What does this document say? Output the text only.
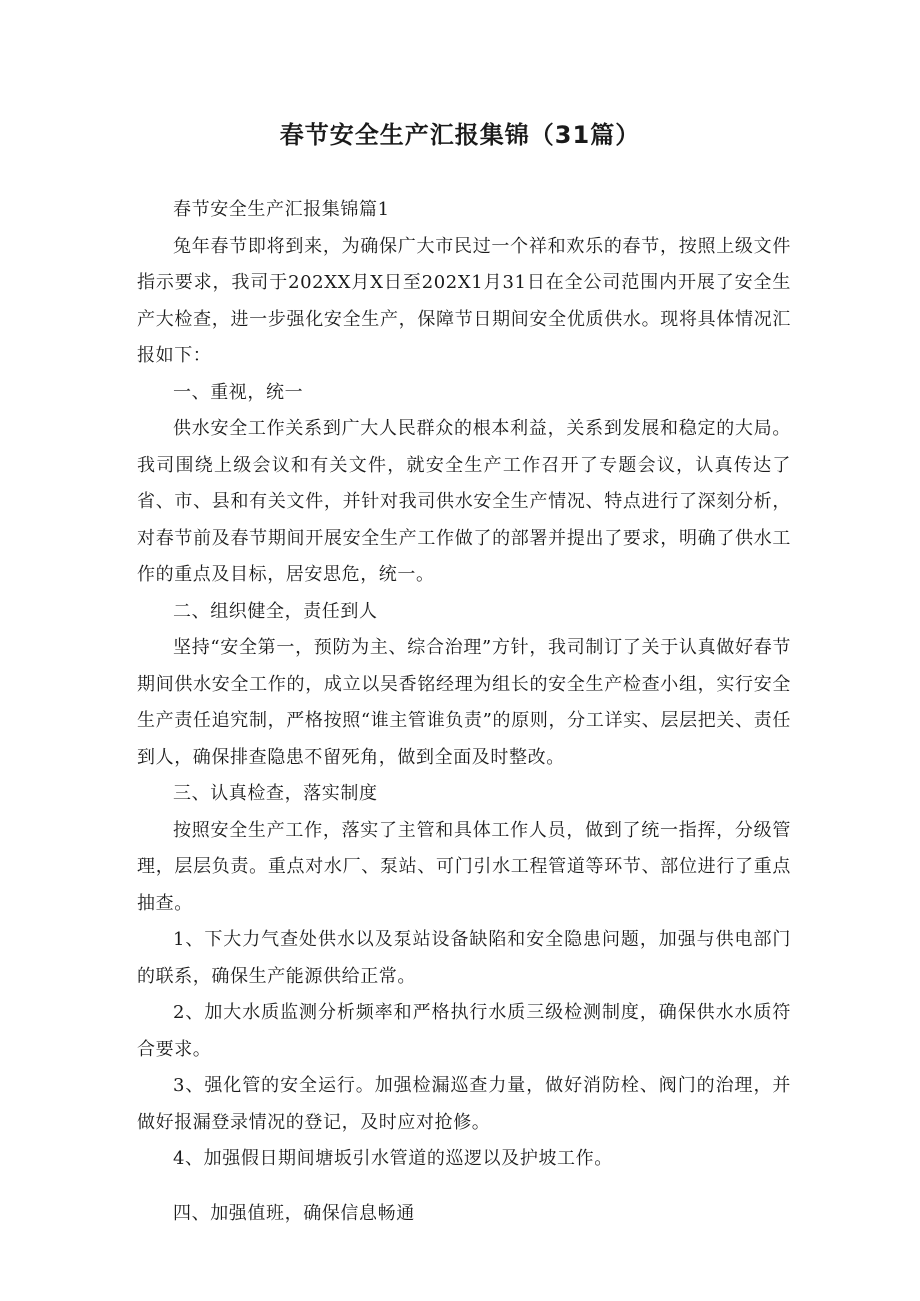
春节安全生产汇报集锦（31篇）

春节安全生产汇报集锦篇1

兔年春节即将到来，为确保广大市民过一个祥和欢乐的春节，按照上级文件指示要求，我司于202XX月X日至202X1月31日在全公司范围内开展了安全生产大检查，进一步强化安全生产，保障节日期间安全优质供水。现将具体情况汇报如下：

一、重视，统一

供水安全工作关系到广大人民群众的根本利益，关系到发展和稳定的大局。我司围绕上级会议和有关文件，就安全生产工作召开了专题会议，认真传达了省、市、县和有关文件，并针对我司供水安全生产情况、特点进行了深刻分析，对春节前及春节期间开展安全生产工作做了的部署并提出了要求，明确了供水工作的重点及目标，居安思危，统一。

二、组织健全，责任到人

坚持“安全第一，预防为主、综合治理”方针，我司制订了关于认真做好春节期间供水安全工作的，成立以吴香铭经理为组长的安全生产检查小组，实行安全生产责任追究制，严格按照“谁主管谁负责”的原则，分工详实、层层把关、责任到人，确保排查隐患不留死角，做到全面及时整改。

三、认真检查，落实制度

按照安全生产工作，落实了主管和具体工作人员，做到了统一指挥，分级管理，层层负责。重点对水厂、泵站、可门引水工程管道等环节、部位进行了重点抽查。

1、下大力气查处供水以及泵站设备缺陷和安全隐患问题，加强与供电部门的联系，确保生产能源供给正常。

2、加大水质监测分析频率和严格执行水质三级检测制度，确保供水水质符合要求。

3、强化管的安全运行。加强检漏巡查力量，做好消防栓、阀门的治理，并做好报漏登录情况的登记，及时应对抢修。

4、加强假日期间塘坂引水管道的巡逻以及护坡工作。

四、加强值班，确保信息畅通
